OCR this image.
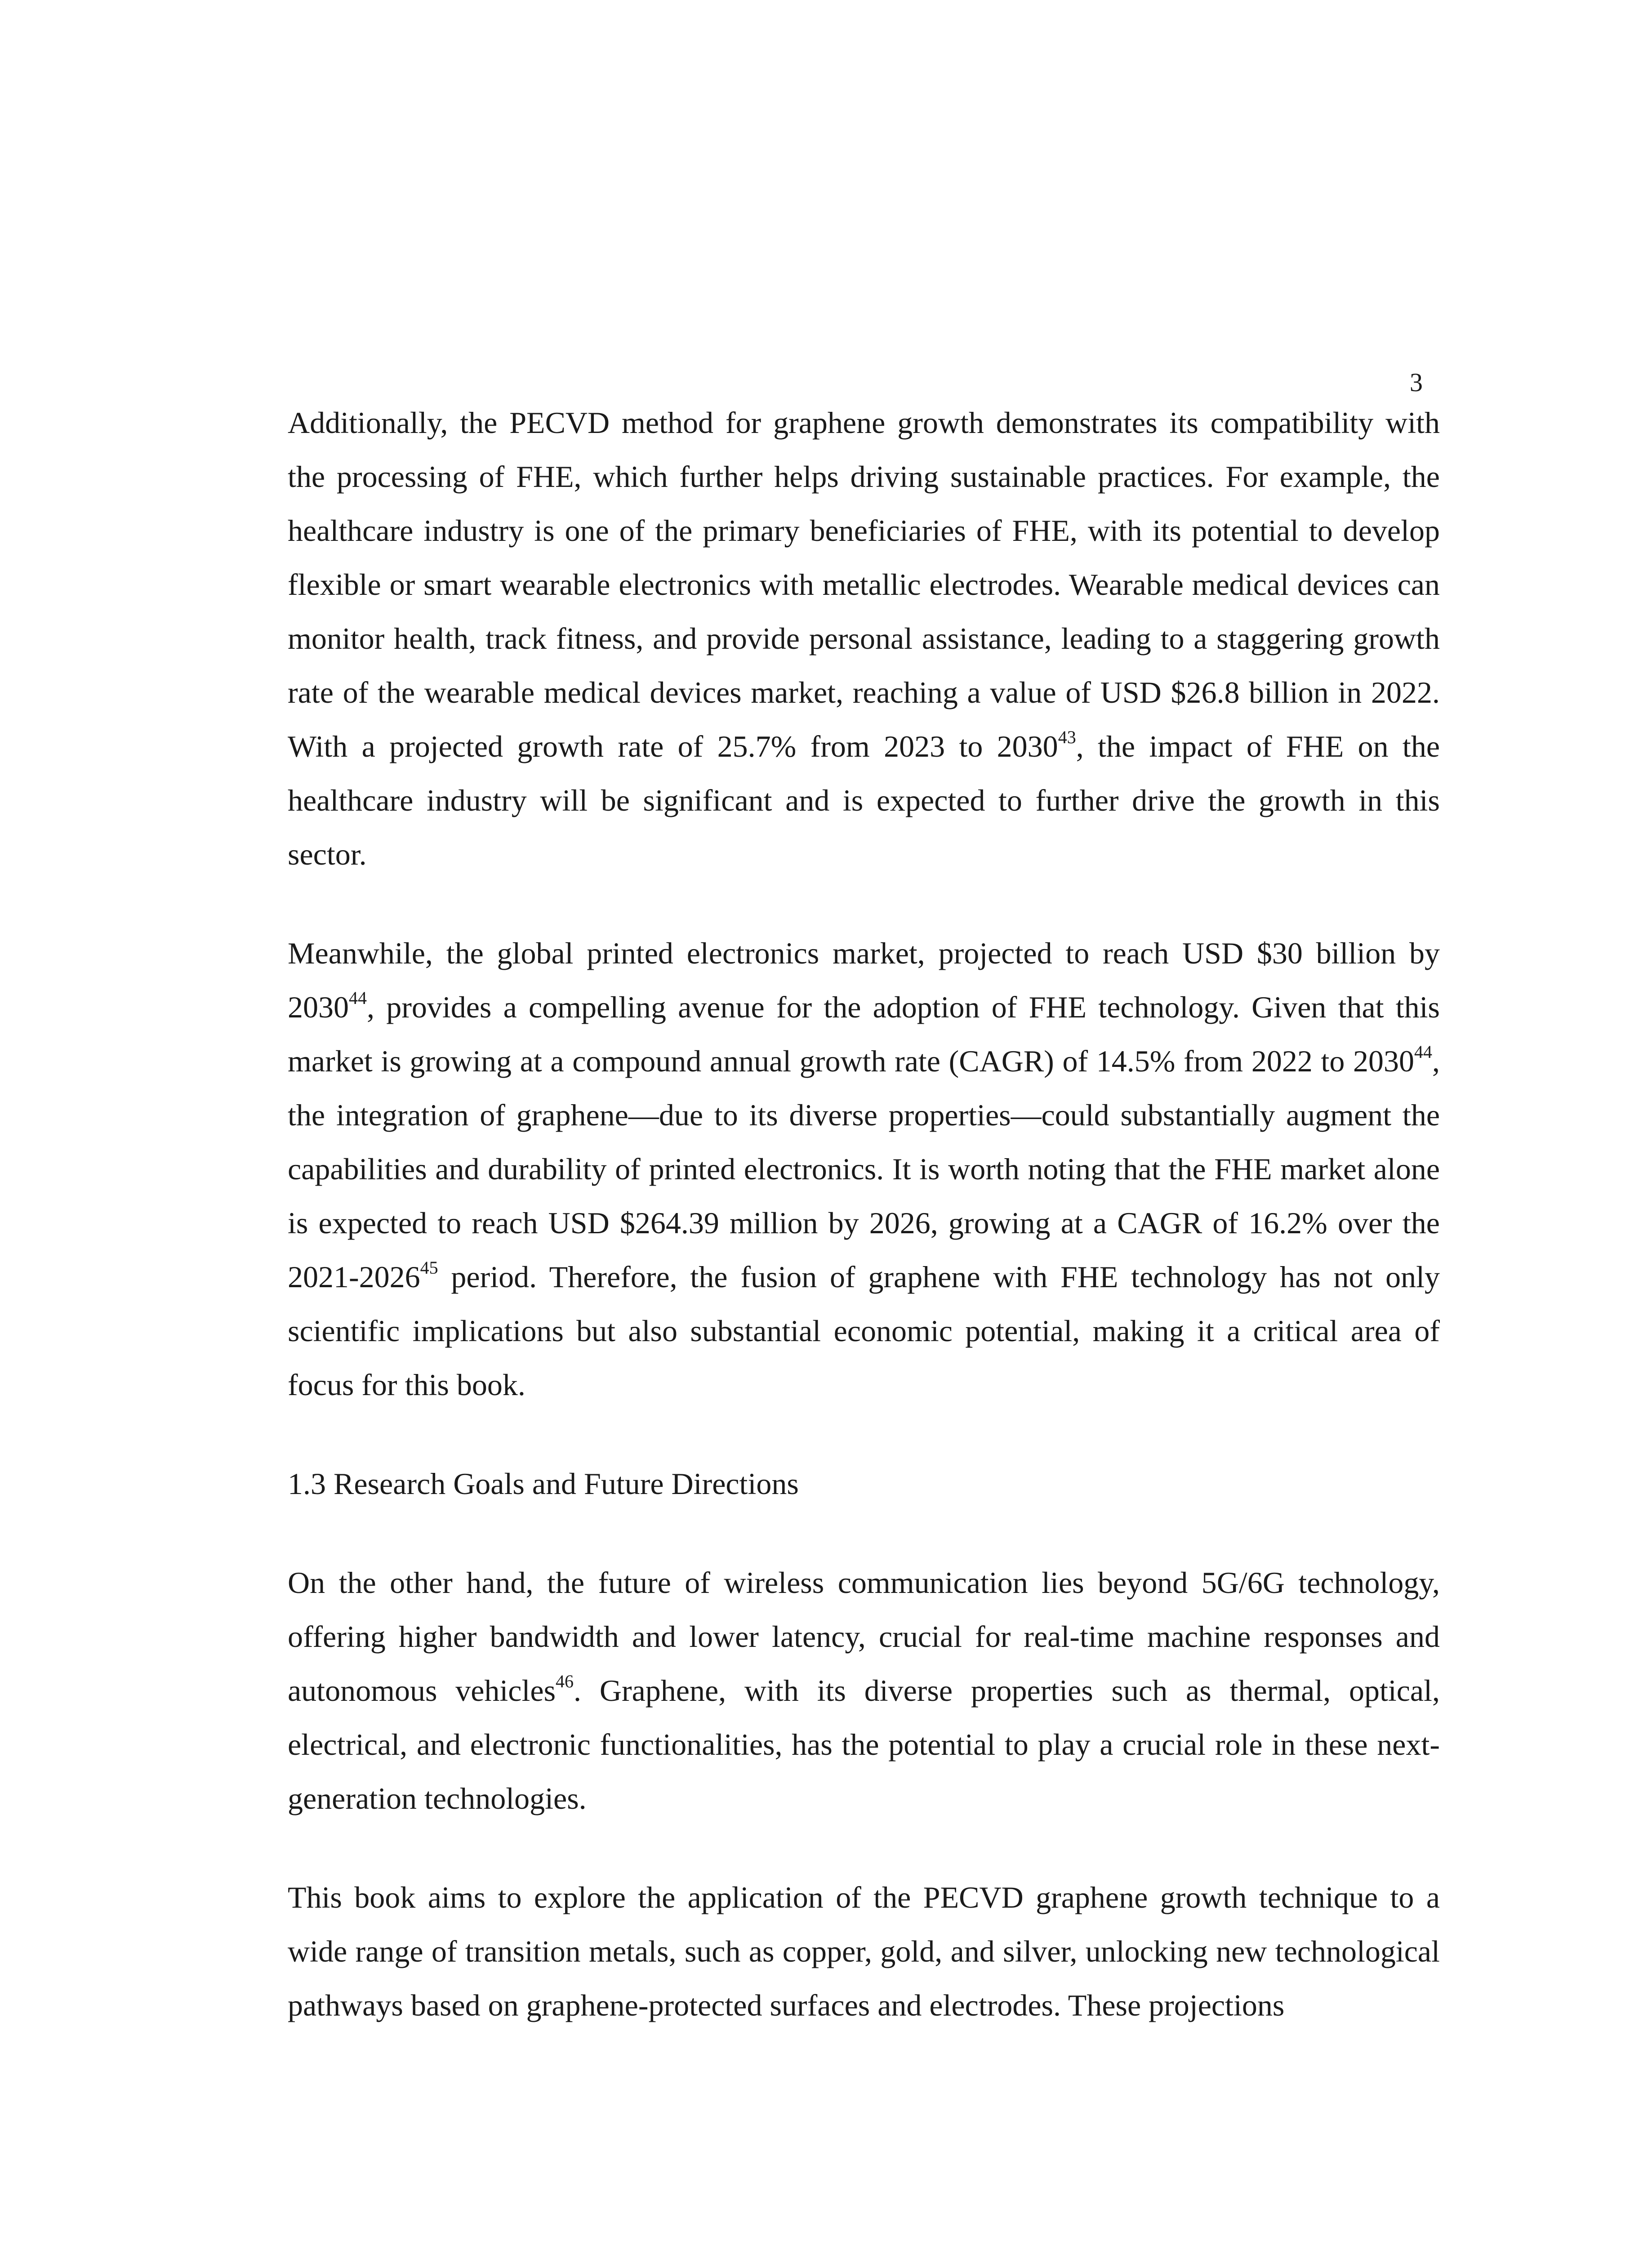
3

Additionally, the PECVD method for graphene growth demonstrates its compatibility with the processing of FHE, which further helps driving sustainable practices. For example, the healthcare industry is one of the primary beneficiaries of FHE, with its potential to develop flexible or smart wearable electronics with metallic electrodes. Wearable medical devices can monitor health, track fitness, and provide personal assistance, leading to a staggering growth rate of the wearable medical devices market, reaching a value of USD $26.8 billion in 2022. With a projected growth rate of 25.7% from 2023 to 2030$^{43}$, the impact of FHE on the healthcare industry will be significant and is expected to further drive the growth in this sector.

Meanwhile, the global printed electronics market, projected to reach USD $30 billion by 2030$^{44}$, provides a compelling avenue for the adoption of FHE technology. Given that this market is growing at a compound annual growth rate (CAGR) of 14.5% from 2022 to 2030$^{44}$, the integration of graphene—due to its diverse properties—could substantially augment the capabilities and durability of printed electronics. It is worth noting that the FHE market alone is expected to reach USD $264.39 million by 2026, growing at a CAGR of 16.2% over the 2021-2026$^{45}$ period. Therefore, the fusion of graphene with FHE technology has not only scientific implications but also substantial economic potential, making it a critical area of focus for this book.

1.3 Research Goals and Future Directions

On the other hand, the future of wireless communication lies beyond 5G/6G technology, offering higher bandwidth and lower latency, crucial for real-time machine responses and autonomous vehicles$^{46}$. Graphene, with its diverse properties such as thermal, optical, electrical, and electronic functionalities, has the potential to play a crucial role in these next-generation technologies.

This book aims to explore the application of the PECVD graphene growth technique to a wide range of transition metals, such as copper, gold, and silver, unlocking new technological pathways based on graphene-protected surfaces and electrodes. These projections
